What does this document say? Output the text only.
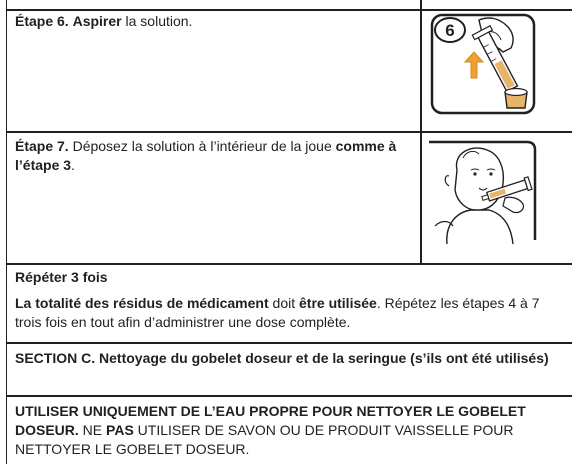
Étape 6. Aspirer la solution.	6
Étape 7. Déposez la solution à l’intérieur de la joue comme à l’étape 3.
Répéter 3 fois
La totalité des résidus de médicament doit être utilisée. Répétez les étapes 4 à 7 trois fois en tout afin d’administrer une dose complète.
SECTION C. Nettoyage du gobelet doseur et de la seringue (s’ils ont été utilisés)
UTILISER UNIQUEMENT DE L’EAU PROPRE POUR NETTOYER LE GOBELET DOSEUR. NE PAS UTILISER DE SAVON OU DE PRODUIT VAISSELLE POUR NETTOYER LE GOBELET DOSEUR.
